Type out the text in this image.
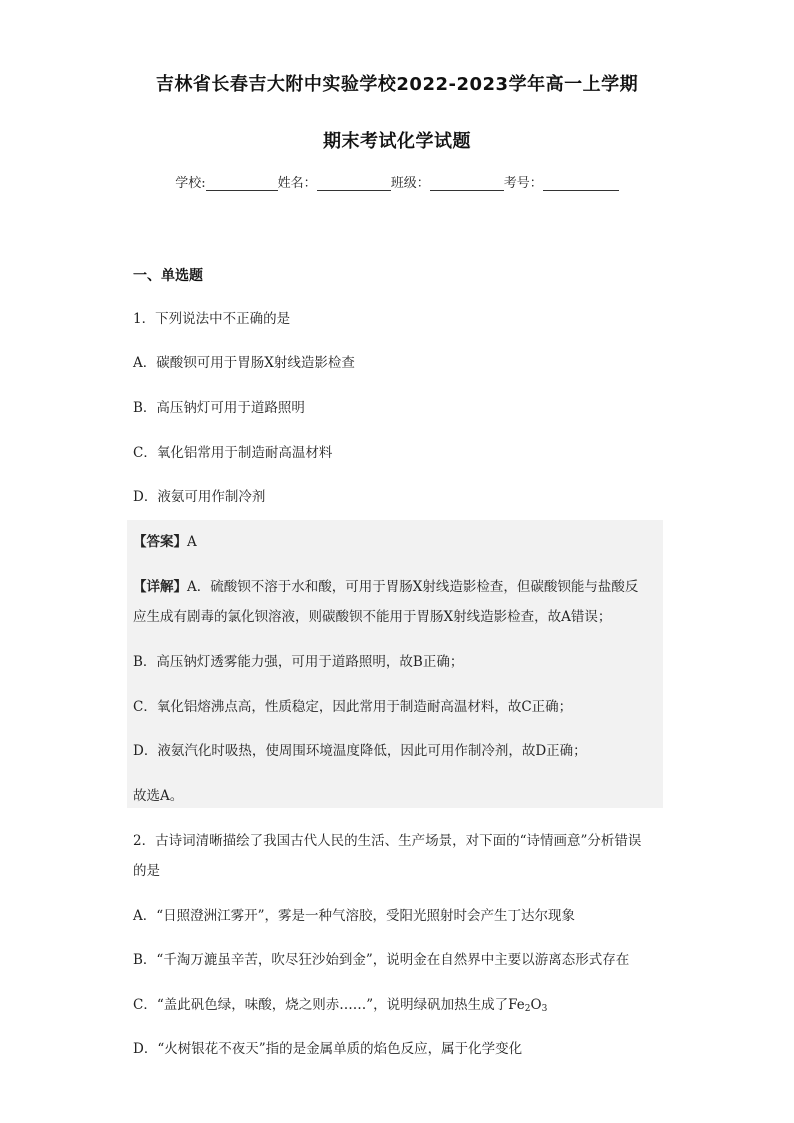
吉林省长春吉大附中实验学校2022-2023学年高一上学期
期末考试化学试题
学校:	姓名：	班级：	考号：
一、单选题
1．下列说法中不正确的是
A．碳酸钡可用于胃肠X射线造影检查
B．高压钠灯可用于道路照明
C．氧化铝常用于制造耐高温材料
D．液氨可用作制冷剂
【答案】A
【详解】A．硫酸钡不溶于水和酸，可用于胃肠X射线造影检查，但碳酸钡能与盐酸反
应生成有剧毒的氯化钡溶液，则碳酸钡不能用于胃肠X射线造影检查，故A错误；
B．高压钠灯透雾能力强，可用于道路照明，故B正确；
C．氧化铝熔沸点高，性质稳定，因此常用于制造耐高温材料，故C正确；
D．液氨汽化时吸热，使周围环境温度降低，因此可用作制冷剂，故D正确；
故选A。
2．古诗词清晰描绘了我国古代人民的生活、生产场景，对下面的“诗情画意”分析错误
的是
A．“日照澄洲江雾开”，雾是一种气溶胶，受阳光照射时会产生丁达尔现象
B．“千淘万漉虽辛苦，吹尽狂沙始到金”，说明金在自然界中主要以游离态形式存在
C．“盖此矾色绿，味酸，烧之则赤……”，说明绿矾加热生成了$Fe_2O_3$
D．“火树银花不夜天”指的是金属单质的焰色反应，属于化学变化
